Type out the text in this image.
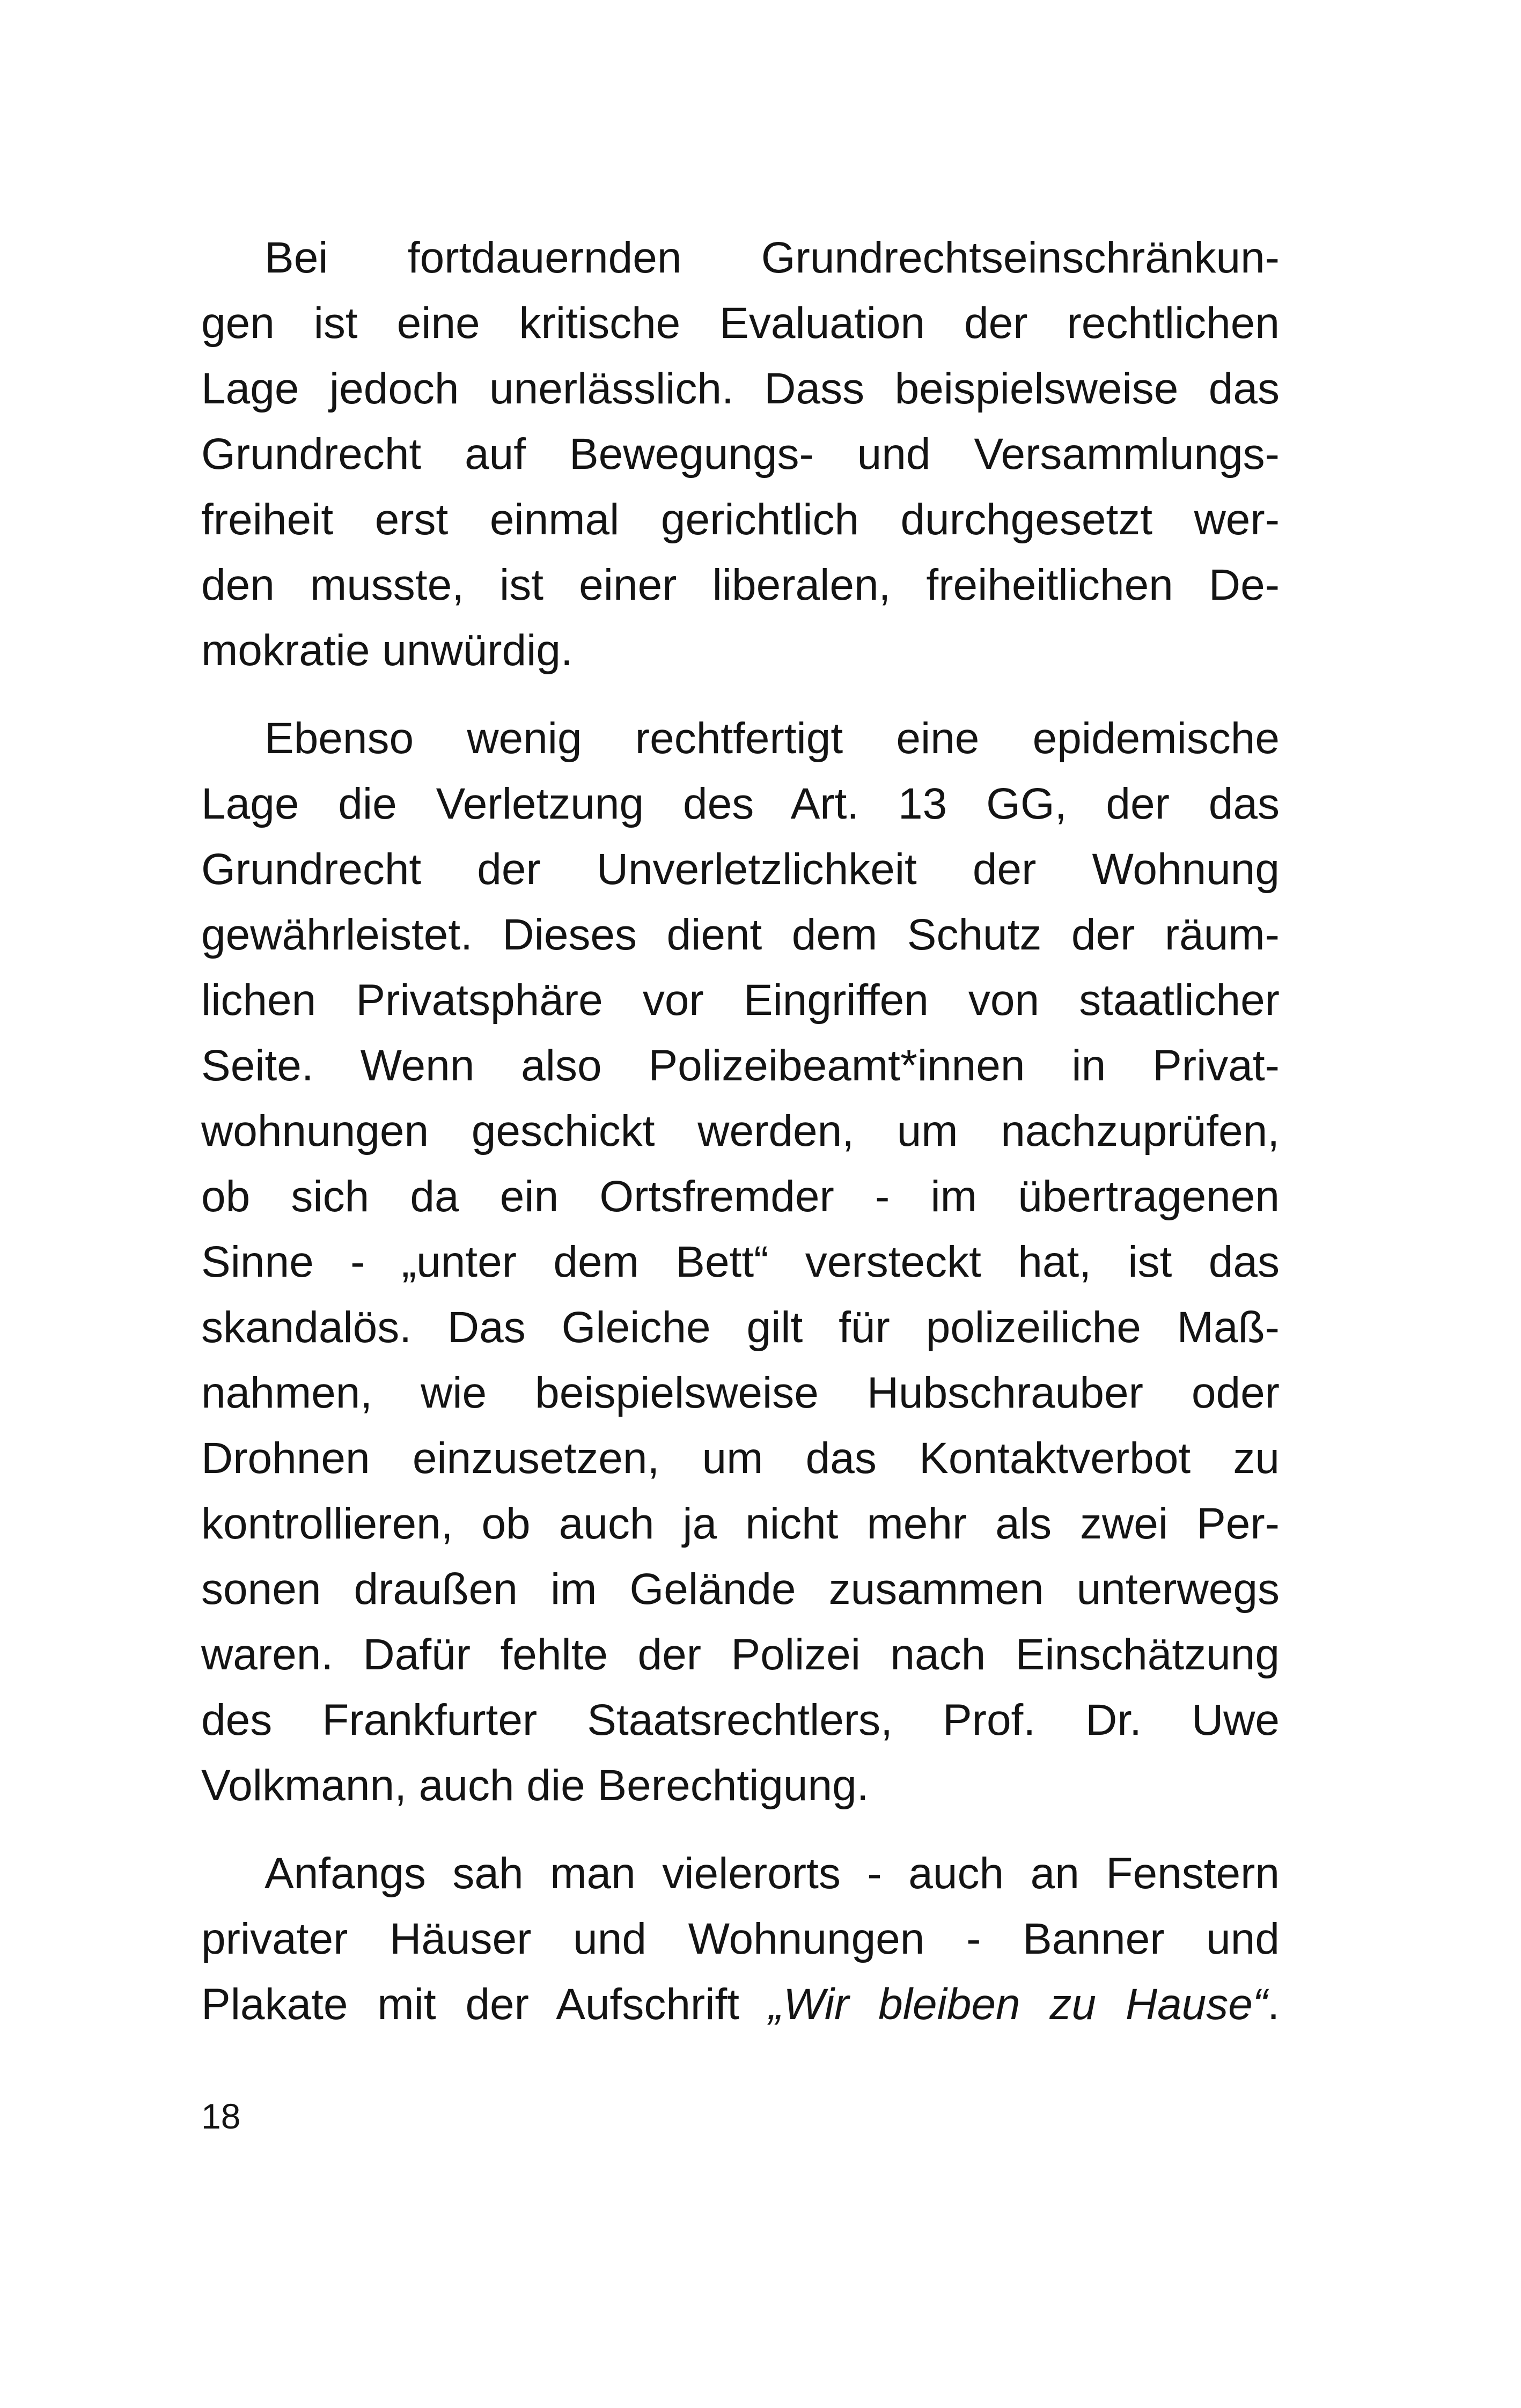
Bei fortdauernden Grundrechtseinschränkun-
gen ist eine kritische Evaluation der rechtlichen
Lage jedoch unerlässlich. Dass beispielsweise das
Grundrecht auf Bewegungs- und Versammlungs-
freiheit erst einmal gerichtlich durchgesetzt wer-
den musste, ist einer liberalen, freiheitlichen De-
mokratie unwürdig.

Ebenso wenig rechtfertigt eine epidemische
Lage die Verletzung des Art. 13 GG, der das
Grundrecht der Unverletzlichkeit der Wohnung
gewährleistet. Dieses dient dem Schutz der räum-
lichen Privatsphäre vor Eingriffen von staatlicher
Seite. Wenn also Polizeibeamt*innen in Privat-
wohnungen geschickt werden, um nachzuprüfen,
ob sich da ein Ortsfremder - im übertragenen
Sinne - „unter dem Bett“ versteckt hat, ist das
skandalös. Das Gleiche gilt für polizeiliche Maß-
nahmen, wie beispielsweise Hubschrauber oder
Drohnen einzusetzen, um das Kontaktverbot zu
kontrollieren, ob auch ja nicht mehr als zwei Per-
sonen draußen im Gelände zusammen unterwegs
waren. Dafür fehlte der Polizei nach Einschätzung
des Frankfurter Staatsrechtlers, Prof. Dr. Uwe
Volkmann, auch die Berechtigung.

Anfangs sah man vielerorts - auch an Fenstern
privater Häuser und Wohnungen - Banner und
Plakate mit der Aufschrift „Wir bleiben zu Hause“.

18
